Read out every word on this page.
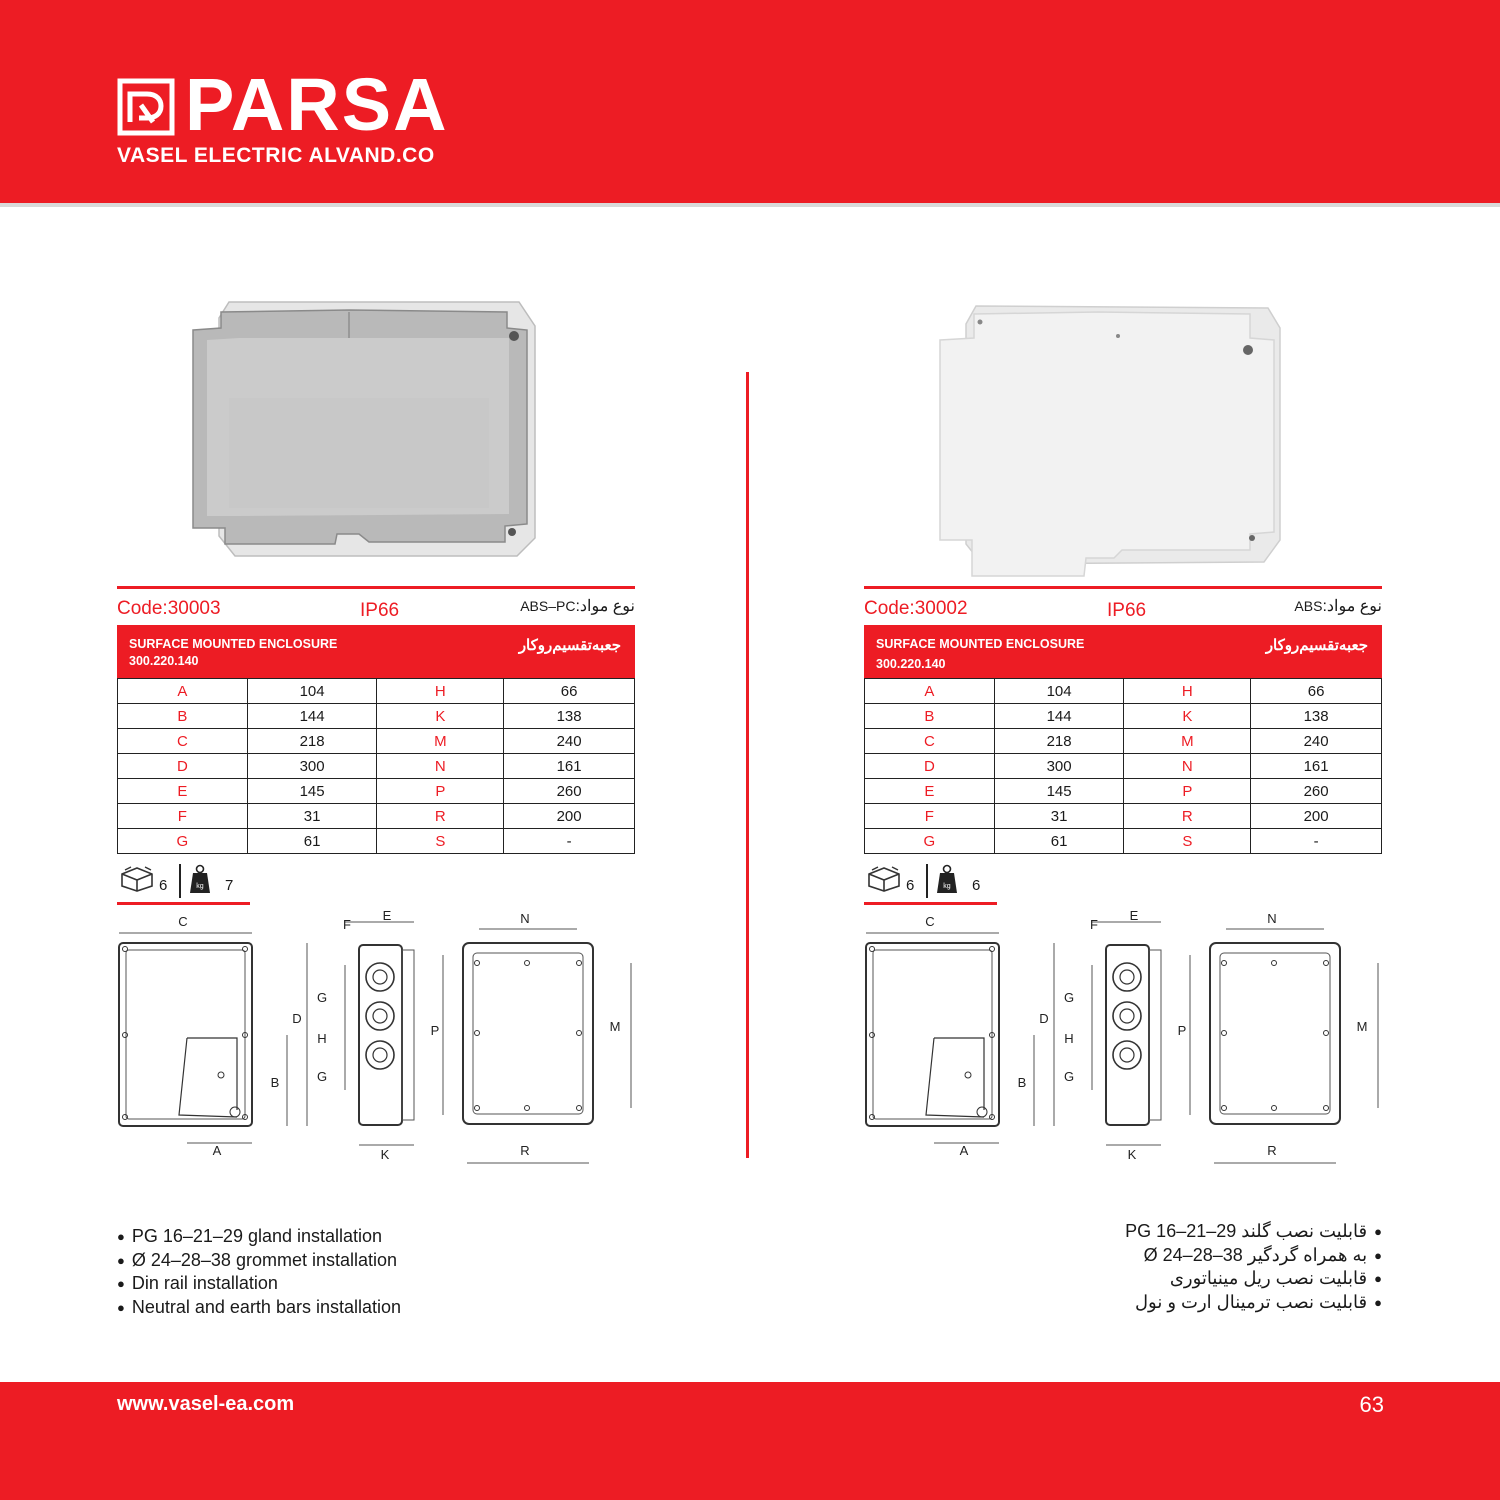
PARSA
VASEL ELECTRIC ALVAND.CO
Code:30003	IP66	نوع مواد:ABS–PC
SURFACE MOUNTED ENCLOSURE
300.220.140
جعبه‌تقسیم‌روکار
A	104	H	66
B	144	K	138
C	218	M	240
D	300	N	161
E	145	P	260
F	31	R	200
G	61	S	-
6	kg 7
C
D
B
A
F
E
G
H
G
K
N
P	M
R
Code:30002	IP66	نوع مواد:ABS
SURFACE MOUNTED ENCLOSURE
300.220.140
جعبه‌تقسیم‌روکار
A	104	H	66
B	144	K	138
C	218	M	240
D	300	N	161
E	145	P	260
F	31	R	200
G	61	S	-
6	kg 6
C
D
B
A
F
E
G
H
G
K
N
P	M
R
● PG 16–21–29 gland installation
● Ø 24–28–38 grommet installation
● Din rail installation
● Neutral and earth bars installation
● قابلیت نصب گلند PG 16–21–29
● به همراه گردگیر 38–28–24 Ø
● قابلیت نصب ریل مینیاتوری
● قابلیت نصب ترمینال ارت و نول
www.vasel-ea.com	63
